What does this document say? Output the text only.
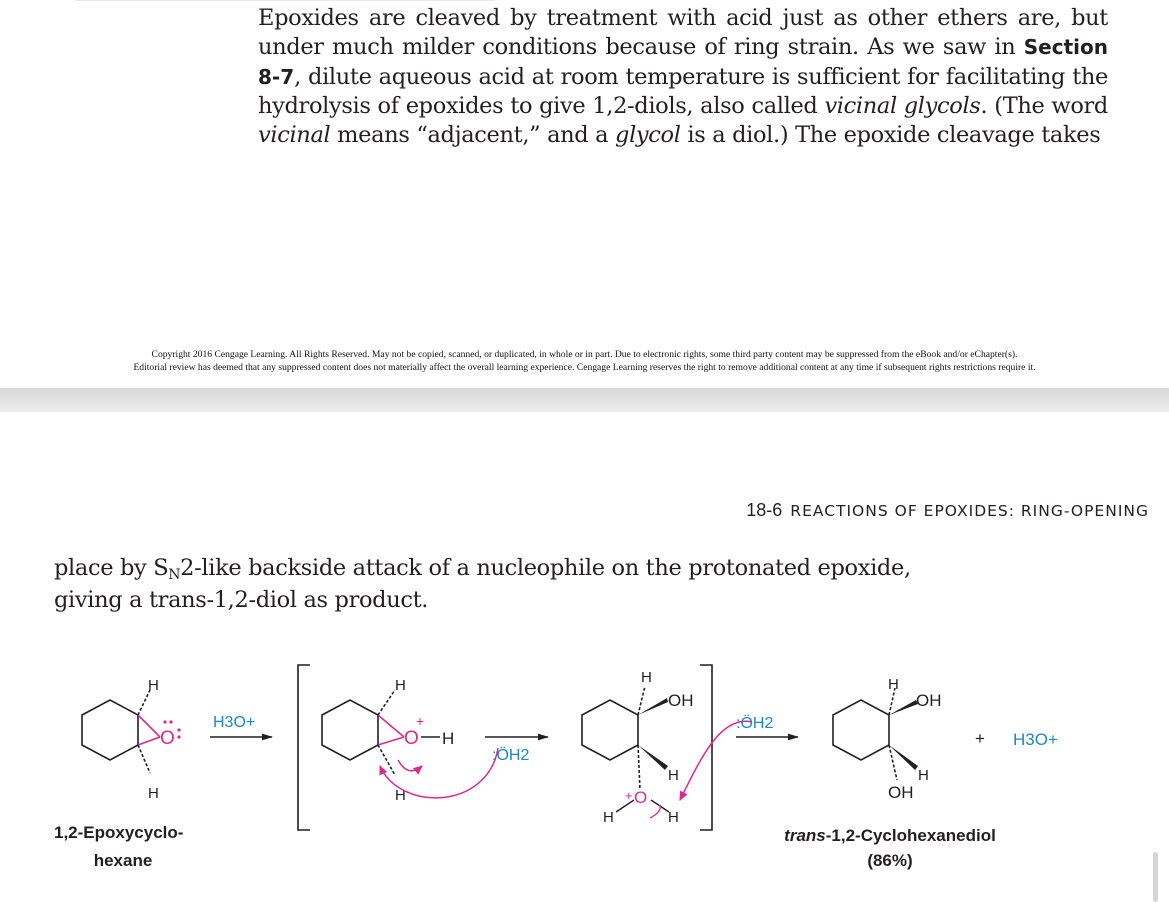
Epoxides are cleaved by treatment with acid just as other ethers are, but under much milder conditions because of ring strain. As we saw in Section 8-7, dilute aqueous acid at room temperature is sufficient for facilitating the hydrolysis of epoxides to give 1,2-diols, also called vicinal glycols. (The word vicinal means “adjacent,” and a glycol is a diol.) The epoxide cleavage takes
Copyright 2016 Cengage Learning. All Rights Reserved. May not be copied, scanned, or duplicated, in whole or in part. Due to electronic rights, some third party content may be suppressed from the eBook and/or eChapter(s).
Editorial review has deemed that any suppressed content does not materially affect the overall learning experience. Cengage Learning reserves the right to remove additional content at any time if subsequent rights restrictions require it.
18-6 REACTIONS OF EPOXIDES: RING-OPENING
place by SN2-like backside attack of a nucleophile on the protonated epoxide,
giving a trans-1,2-diol as product.
H
H
O
H3O+
H
H
O
+
H
:ÖH2
H
OH
H
+ O
H	H
:ÖH2
H
OH
H
OH
+ H3O+
1,2-Epoxycyclo-
hexane
trans-1,2-Cyclohexanediol
(86%)
